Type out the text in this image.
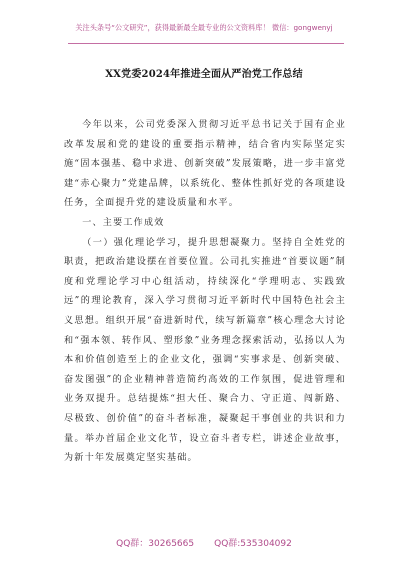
关注头条号“公文研究”，获得最新最全最专业的公文资料库！ 微信：gongwenyj
XX党委2024年推进全面从严治党工作总结

今年以来，公司党委深入贯彻习近平总书记关于国有企业改革发展和党的建设的重要指示精神，结合省内实际坚定实施“固本强基、稳中求进、创新突破”发展策略，进一步丰富党建“赤心聚力”党建品牌，以系统化、整体性抓好党的各项建设任务，全面提升党的建设质量和水平。

一、主要工作成效

（一）强化理论学习，提升思想凝聚力。坚持自全姓党的职责，把政治建设摆在首要位置。公司扎实推进“首要议题”制度和党理论学习中心组活动，持续深化“学理明志、实践致远”的理论教育，深入学习贯彻习近平新时代中国特色社会主义思想。组织开展“奋进新时代，续写新篇章”核心理念大讨论和“强本领、转作风、塑形象”业务理念探索活动，弘扬以人为本和价值创造至上的企业文化，强调“实事求是、创新突破、奋发图强”的企业精神普造简约高效的工作氛围，促进管理和业务双提升。总结提炼“担大任、聚合力、守正道、闯新路、尽极致、创价值”的奋斗者标准，凝聚起干事创业的共识和力量。举办首届企业文化节，设立奋斗者专栏，讲述企业故事，为新十年发展奠定坚实基础。

QQ群：30265665 QQ群:535304092
